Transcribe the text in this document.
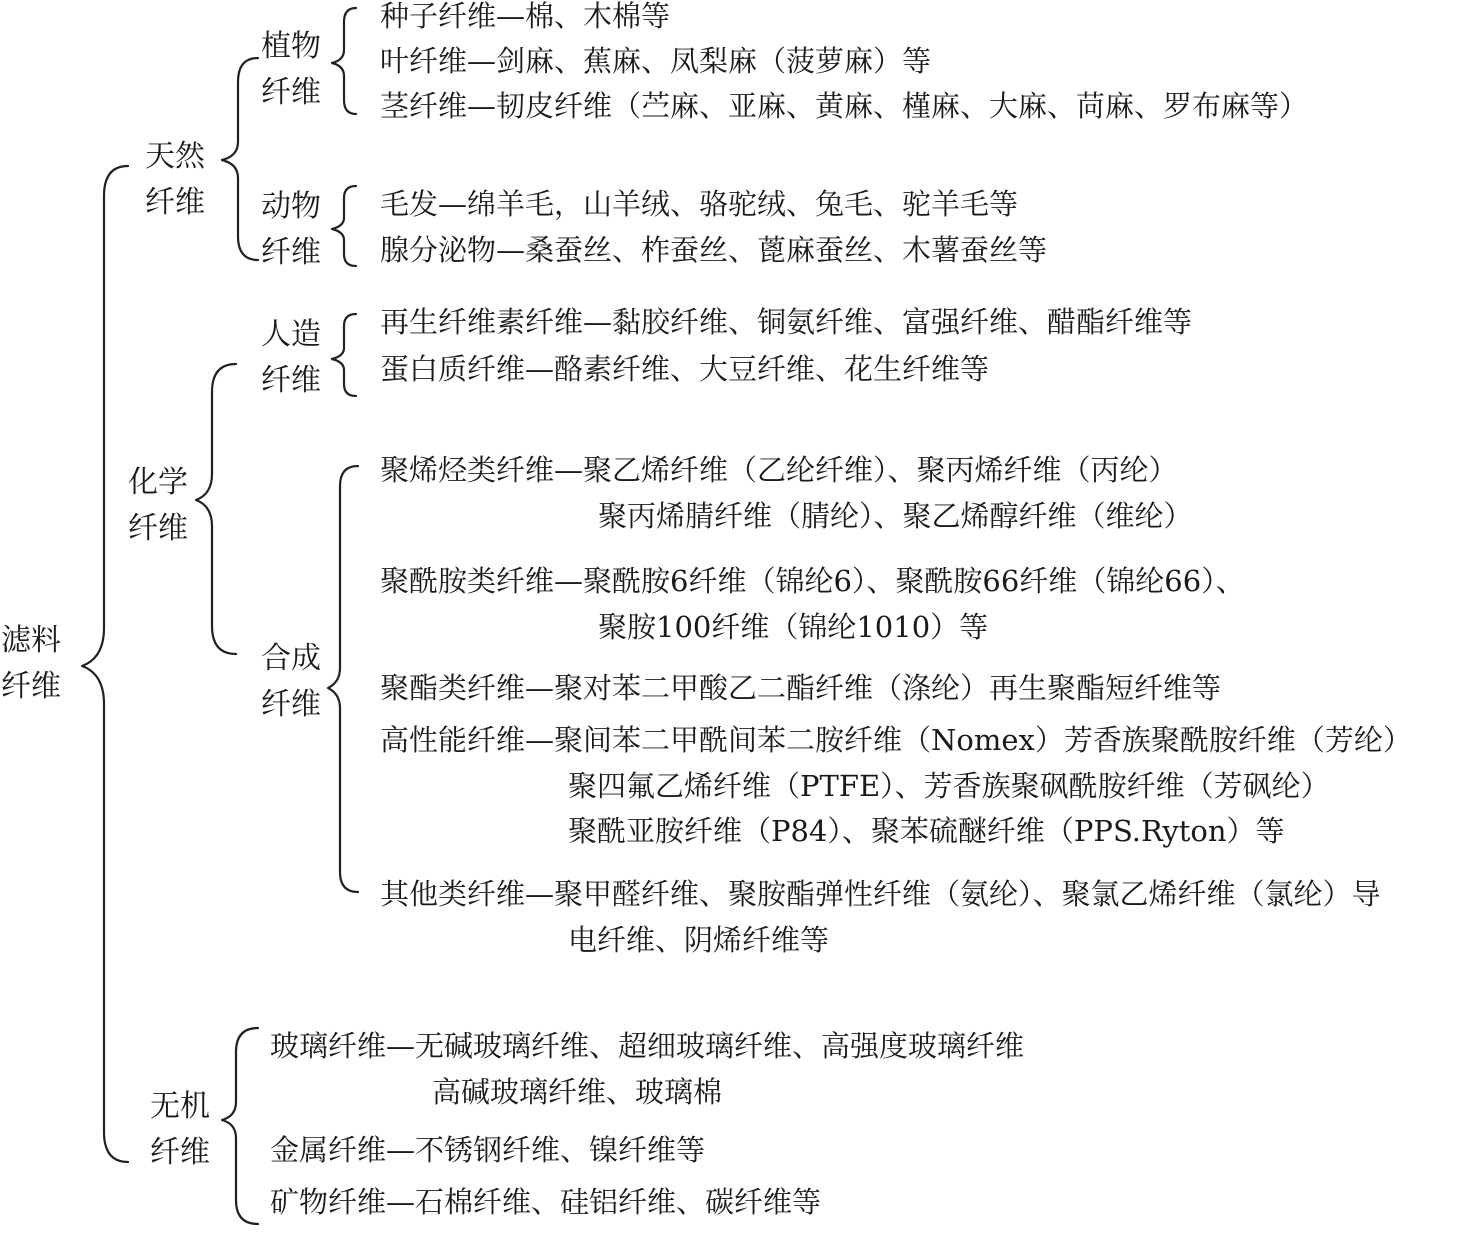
滤料
纤维
天然
纤维
植物
纤维
种子纤维—棉、木棉等
叶纤维—剑麻、蕉麻、凤梨麻（菠萝麻）等
茎纤维—韧皮纤维（苎麻、亚麻、黄麻、槿麻、大麻、苘麻、罗布麻等）
动物
纤维
毛发—绵羊毛，山羊绒、骆驼绒、兔毛、驼羊毛等
腺分泌物—桑蚕丝、柞蚕丝、蓖麻蚕丝、木薯蚕丝等
化学
纤维
人造
纤维
再生纤维素纤维—黏胶纤维、铜氨纤维、富强纤维、醋酯纤维等
蛋白质纤维—酪素纤维、大豆纤维、花生纤维等
合成
纤维
聚烯烃类纤维—聚乙烯纤维（乙纶纤维）、聚丙烯纤维（丙纶）
聚丙烯腈纤维（腈纶）、聚乙烯醇纤维（维纶）
聚酰胺类纤维—聚酰胺6纤维（锦纶6）、聚酰胺66纤维（锦纶66）、
聚胺100纤维（锦纶1010）等
聚酯类纤维—聚对苯二甲酸乙二酯纤维（涤纶）再生聚酯短纤维等
高性能纤维—聚间苯二甲酰间苯二胺纤维（Nomex）芳香族聚酰胺纤维（芳纶）
聚四氟乙烯纤维（PTFE）、芳香族聚砜酰胺纤维（芳砜纶）
聚酰亚胺纤维（P84）、聚苯硫醚纤维（PPS.Ryton）等
其他类纤维—聚甲醛纤维、聚胺酯弹性纤维（氨纶）、聚氯乙烯纤维（氯纶）导
电纤维、阴烯纤维等
无机
纤维
玻璃纤维—无碱玻璃纤维、超细玻璃纤维、高强度玻璃纤维
高碱玻璃纤维、玻璃棉
金属纤维—不锈钢纤维、镍纤维等
矿物纤维—石棉纤维、硅铝纤维、碳纤维等
